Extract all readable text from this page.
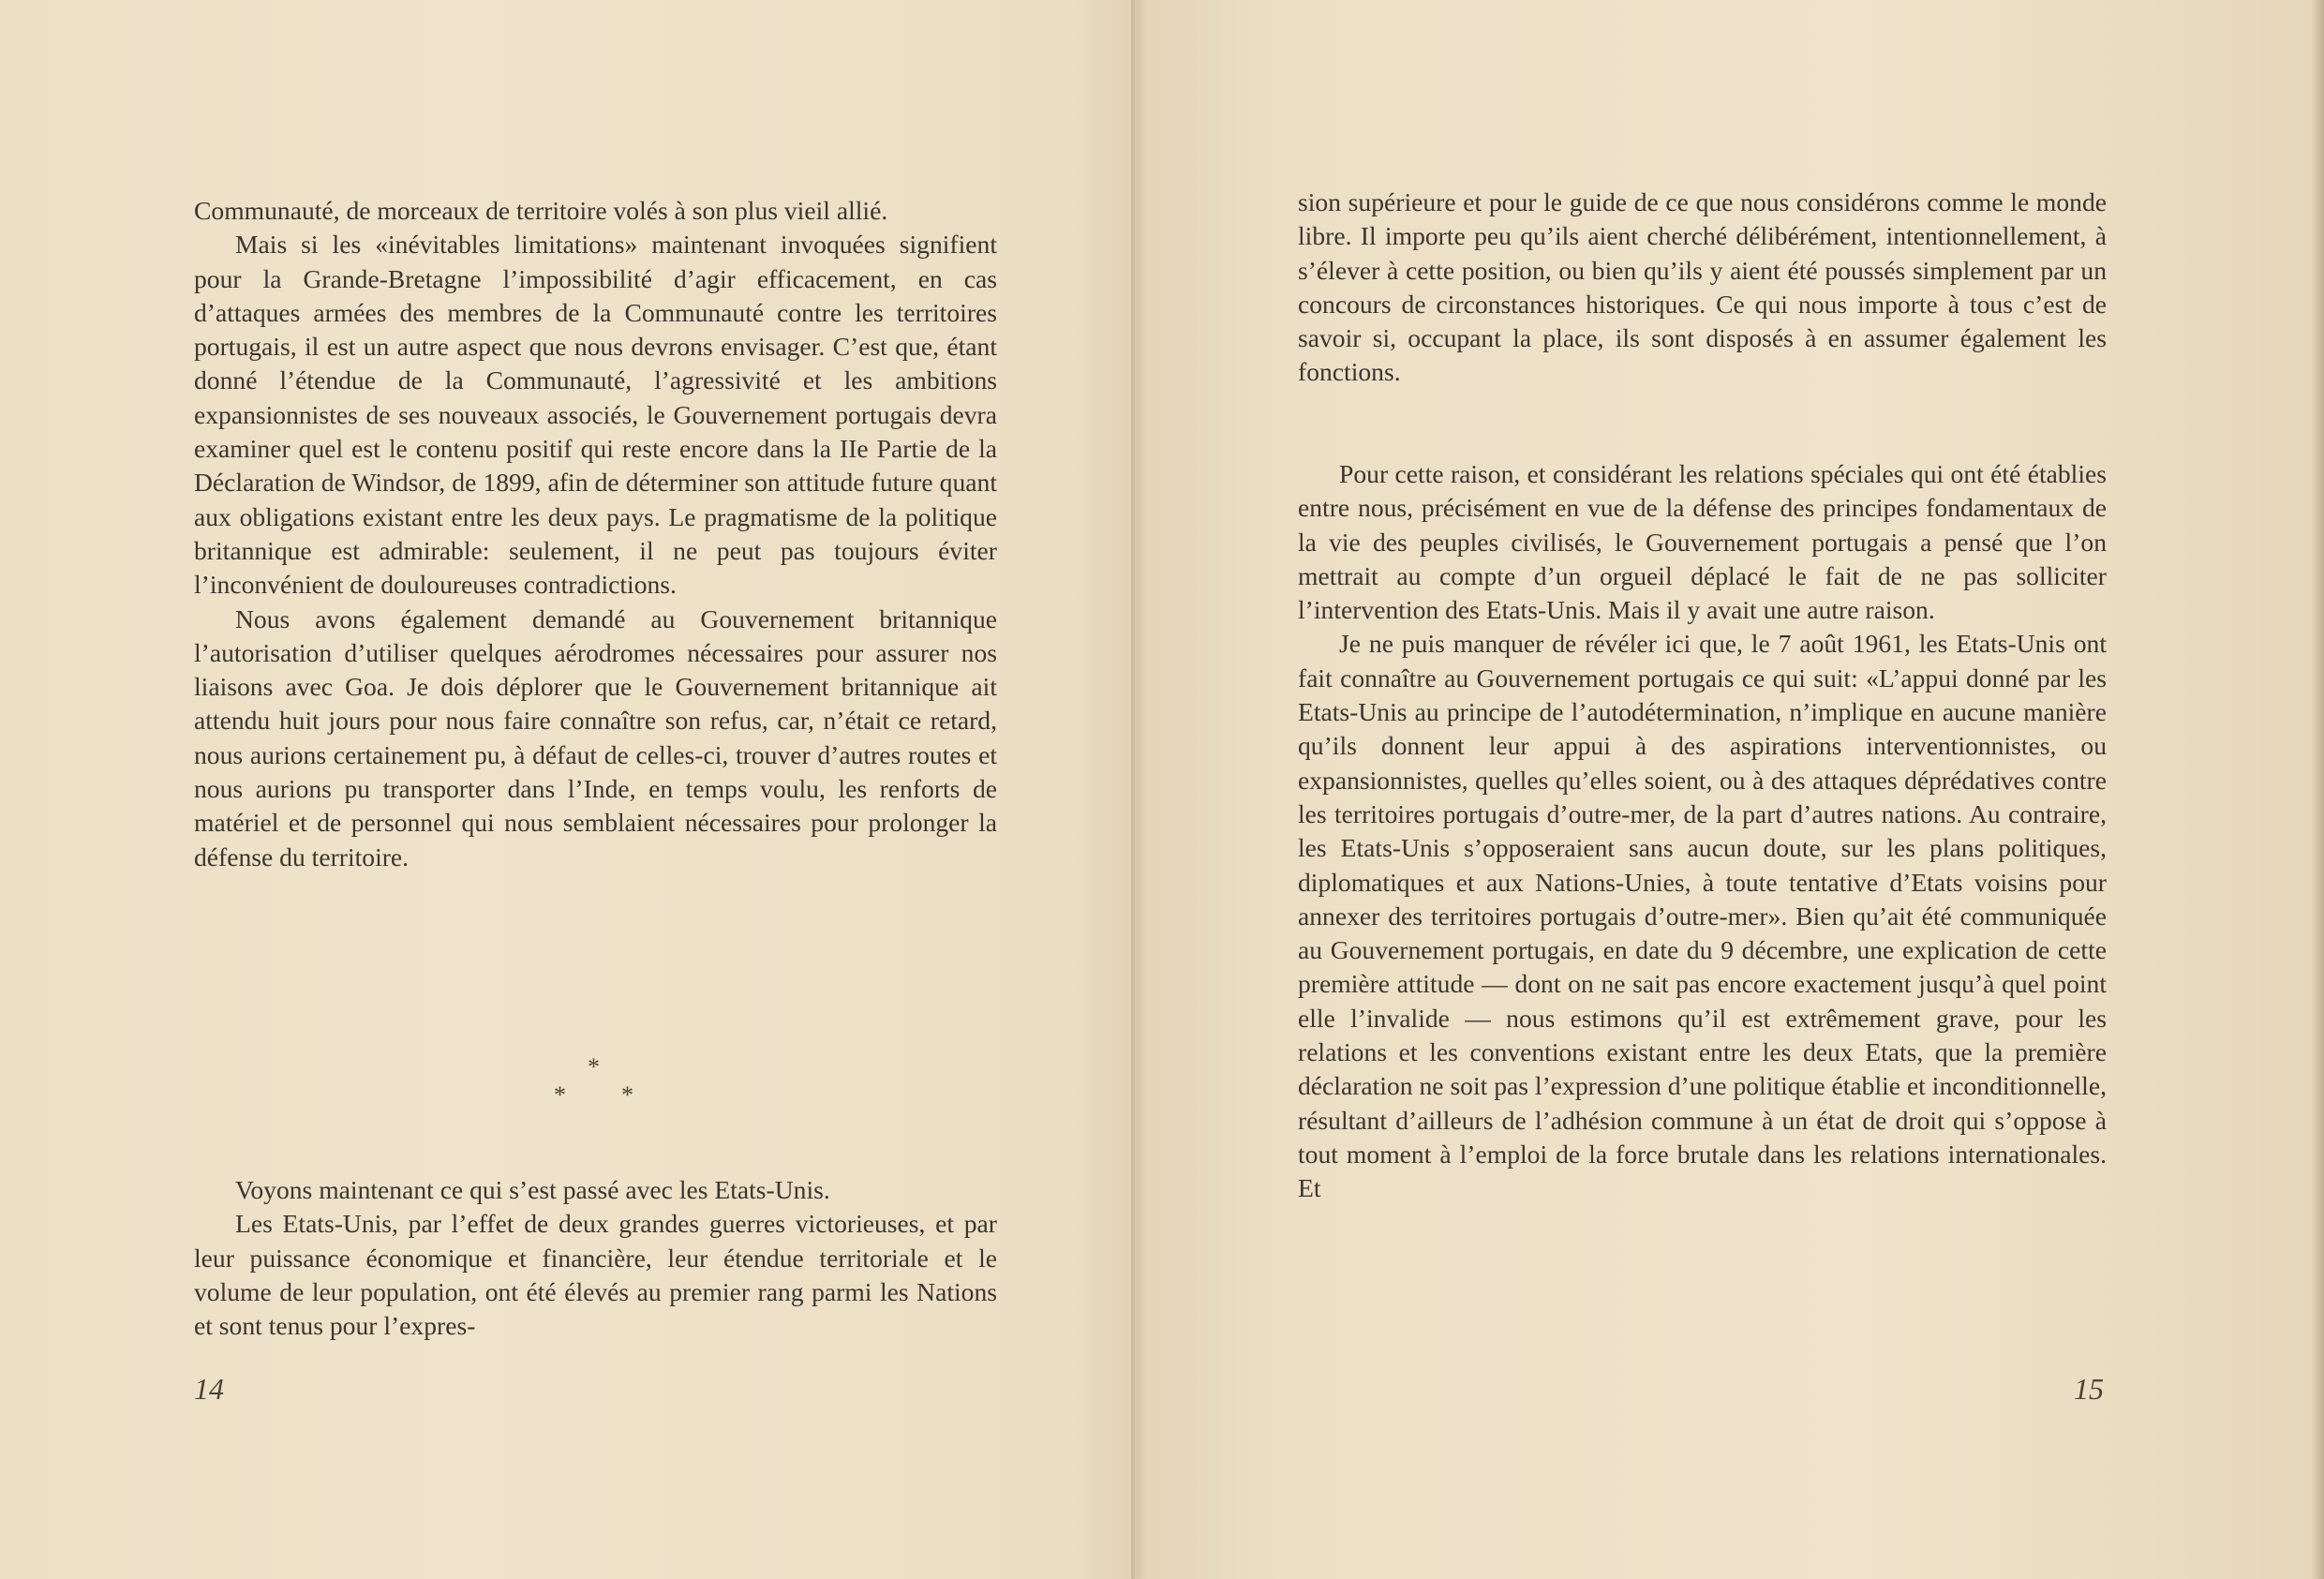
Communauté, de morceaux de territoire volés à son plus vieil allié.

Mais si les «inévitables limitations» maintenant invoquées signifient pour la Grande-Bretagne l’impossibilité d’agir efficacement, en cas d’attaques armées des membres de la Communauté contre les territoires portugais, il est un autre aspect que nous devrons envisager. C’est que, étant donné l’étendue de la Communauté, l’agressivité et les ambitions expansionnistes de ses nouveaux associés, le Gouvernement portugais devra examiner quel est le contenu positif qui reste encore dans la IIe Partie de la Déclaration de Windsor, de 1899, afin de déterminer son attitude future quant aux obligations existant entre les deux pays. Le pragmatisme de la politique britannique est admirable: seulement, il ne peut pas toujours éviter l’inconvénient de douloureuses contradictions.

Nous avons également demandé au Gouvernement britannique l’autorisation d’utiliser quelques aérodromes nécessaires pour assurer nos liaisons avec Goa. Je dois déplorer que le Gouvernement britannique ait attendu huit jours pour nous faire connaître son refus, car, n’était ce retard, nous aurions certainement pu, à défaut de celles-ci, trouver d’autres routes et nous aurions pu transporter dans l’Inde, en temps voulu, les renforts de matériel et de personnel qui nous semblaient nécessaires pour prolonger la défense du territoire.

*
* *

Voyons maintenant ce qui s’est passé avec les Etats-Unis.

Les Etats-Unis, par l’effet de deux grandes guerres victorieuses, et par leur puissance économique et financière, leur étendue territoriale et le volume de leur population, ont été élevés au premier rang parmi les Nations et sont tenus pour l’expres-

14

sion supérieure et pour le guide de ce que nous considérons comme le monde libre. Il importe peu qu’ils aient cherché délibérément, intentionnellement, à s’élever à cette position, ou bien qu’ils y aient été poussés simplement par un concours de circonstances historiques. Ce qui nous importe à tous c’est de savoir si, occupant la place, ils sont disposés à en assumer également les fonctions.

Pour cette raison, et considérant les relations spéciales qui ont été établies entre nous, précisément en vue de la défense des principes fondamentaux de la vie des peuples civilisés, le Gouvernement portugais a pensé que l’on mettrait au compte d’un orgueil déplacé le fait de ne pas solliciter l’intervention des Etats-Unis. Mais il y avait une autre raison.

Je ne puis manquer de révéler ici que, le 7 août 1961, les Etats-Unis ont fait connaître au Gouvernement portugais ce qui suit: «L’appui donné par les Etats-Unis au principe de l’autodétermination, n’implique en aucune manière qu’ils donnent leur appui à des aspirations interventionnistes, ou expansionnistes, quelles qu’elles soient, ou à des attaques déprédatives contre les territoires portugais d’outre-mer, de la part d’autres nations. Au contraire, les Etats-Unis s’opposeraient sans aucun doute, sur les plans politiques, diplomatiques et aux Nations-Unies, à toute tentative d’Etats voisins pour annexer des territoires portugais d’outre-mer». Bien qu’ait été communiquée au Gouvernement portugais, en date du 9 décembre, une explication de cette première attitude — dont on ne sait pas encore exactement jusqu’à quel point elle l’invalide — nous estimons qu’il est extrêmement grave, pour les relations et les conventions existant entre les deux Etats, que la première déclaration ne soit pas l’expression d’une politique établie et inconditionnelle, résultant d’ailleurs de l’adhésion commune à un état de droit qui s’oppose à tout moment à l’emploi de la force brutale dans les relations internationales. Et

15
